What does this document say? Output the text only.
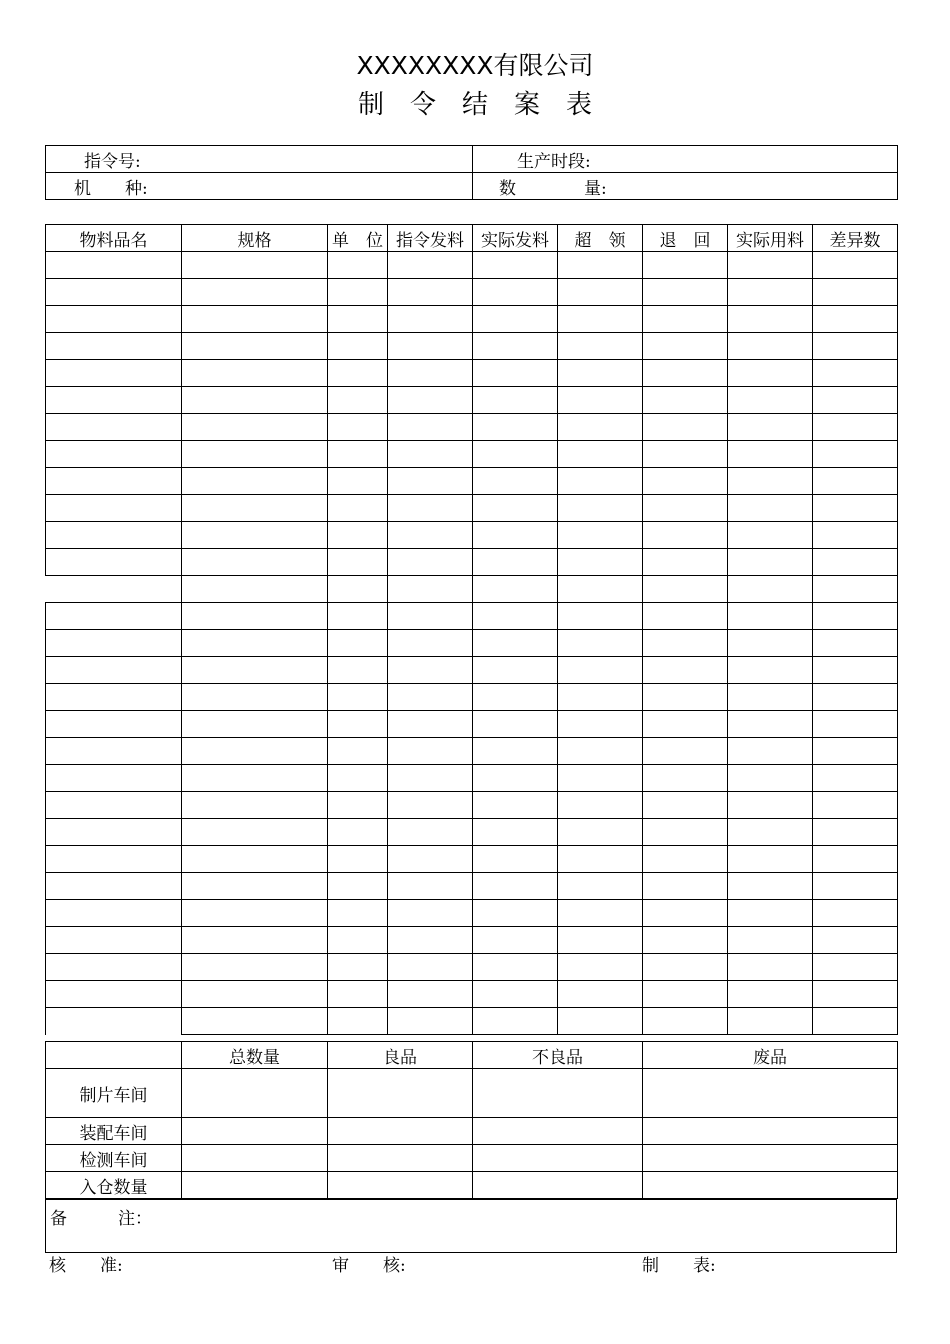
XXXXXXXX有限公司
制令结案表
指令号:	生产时段:
机　　种:	数　　　　量:
物料品名	规格	单　位	指令发料	实际发料	超　领	退　回	实际用料	差异数

	总数量	良品	不良品	废品
制片车间				
装配车间				
检测车间				
入仓数量				
备　　　注：
核　　准:	审　　核:	制　　表:
